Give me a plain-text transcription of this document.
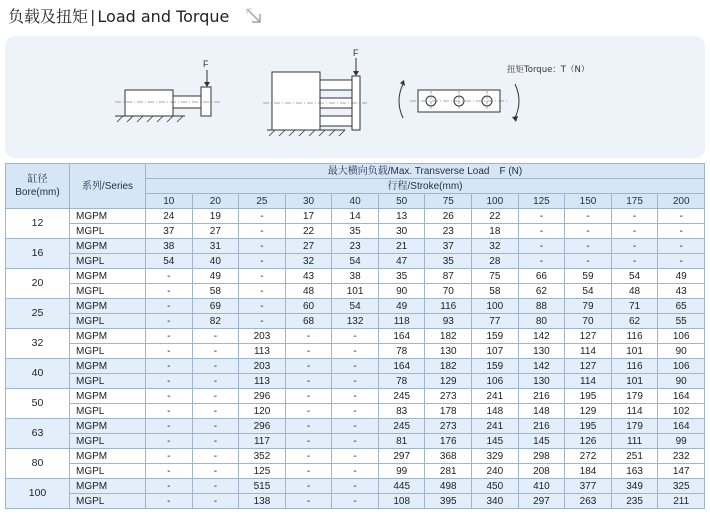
负载及扭矩 | Load and Torque
F
F
扭矩Torque：T（N）
缸径
Bore(mm)	系列/Series	最大横向负载/Max. Transverse Load　F (N)											
		行程/Stroke(mm)											
		10	20	25	30	40	50	75	100	125	150	175	200
12	MGPM	24	19	-	17	14	13	26	22	-	-	-	-
	MGPL	37	27	-	22	35	30	23	18	-	-	-	-
16	MGPM	38	31	-	27	23	21	37	32	-	-	-	-
	MGPL	54	40	-	32	54	47	35	28	-	-	-	-
20	MGPM	-	49	-	43	38	35	87	75	66	59	54	49
	MGPL	-	58	-	48	101	90	70	58	62	54	48	43
25	MGPM	-	69	-	60	54	49	116	100	88	79	71	65
	MGPL	-	82	-	68	132	118	93	77	80	70	62	55
32	MGPM	-	-	203	-	-	164	182	159	142	127	116	106
	MGPL	-	-	113	-	-	78	130	107	130	114	101	90
40	MGPM	-	-	203	-	-	164	182	159	142	127	116	106
	MGPL	-	-	113	-	-	78	129	106	130	114	101	90
50	MGPM	-	-	296	-	-	245	273	241	216	195	179	164
	MGPL	-	-	120	-	-	83	178	148	148	129	114	102
63	MGPM	-	-	296	-	-	245	273	241	216	195	179	164
	MGPL	-	-	117	-	-	81	176	145	145	126	111	99
80	MGPM	-	-	352	-	-	297	368	329	298	272	251	232
	MGPL	-	-	125	-	-	99	281	240	208	184	163	147
100	MGPM	-	-	515	-	-	445	498	450	410	377	349	325
	MGPL	-	-	138	-	-	108	395	340	297	263	235	211
